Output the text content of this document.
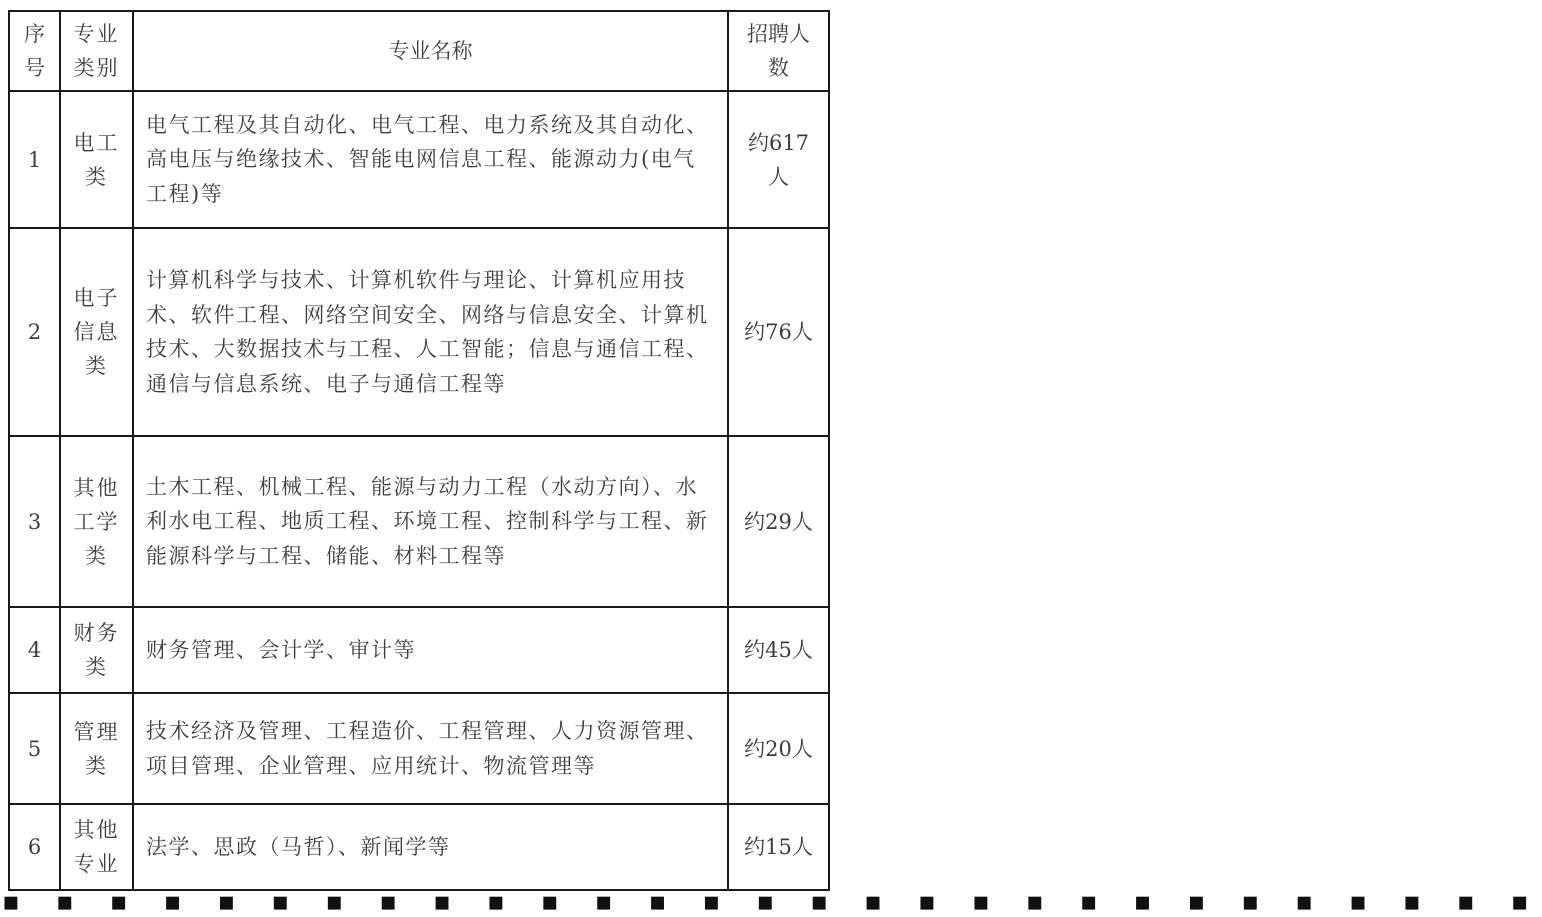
序号	专业类别	专业名称	招聘人数
1	电工类	电气工程及其自动化、电气工程、电力系统及其自动化、高电压与绝缘技术、智能电网信息工程、能源动力(电气工程)等	约617人
2	电子信息类	计算机科学与技术、计算机软件与理论、计算机应用技术、软件工程、网络空间安全、网络与信息安全、计算机技术、大数据技术与工程、人工智能；信息与通信工程、通信与信息系统、电子与通信工程等	约76人
3	其他工学类	土木工程、机械工程、能源与动力工程（水动方向）、水利水电工程、地质工程、环境工程、控制科学与工程、新能源科学与工程、储能、材料工程等	约29人
4	财务类	财务管理、会计学、审计等	约45人
5	管理类	技术经济及管理、工程造价、工程管理、人力资源管理、项目管理、企业管理、应用统计、物流管理等	约20人
6	其他专业	法学、思政（马哲）、新闻学等	约15人
▪ ▪ ▪ ▪ ▪ ▪ ▪ ▪ ▪ ▪ ▪ ▪ ▪ ▪ ▪ ▪ ▪ ▪ ▪ ▪ ▪ ▪ ▪ ▪ ▪ ▪ ▪ ▪ ▪
